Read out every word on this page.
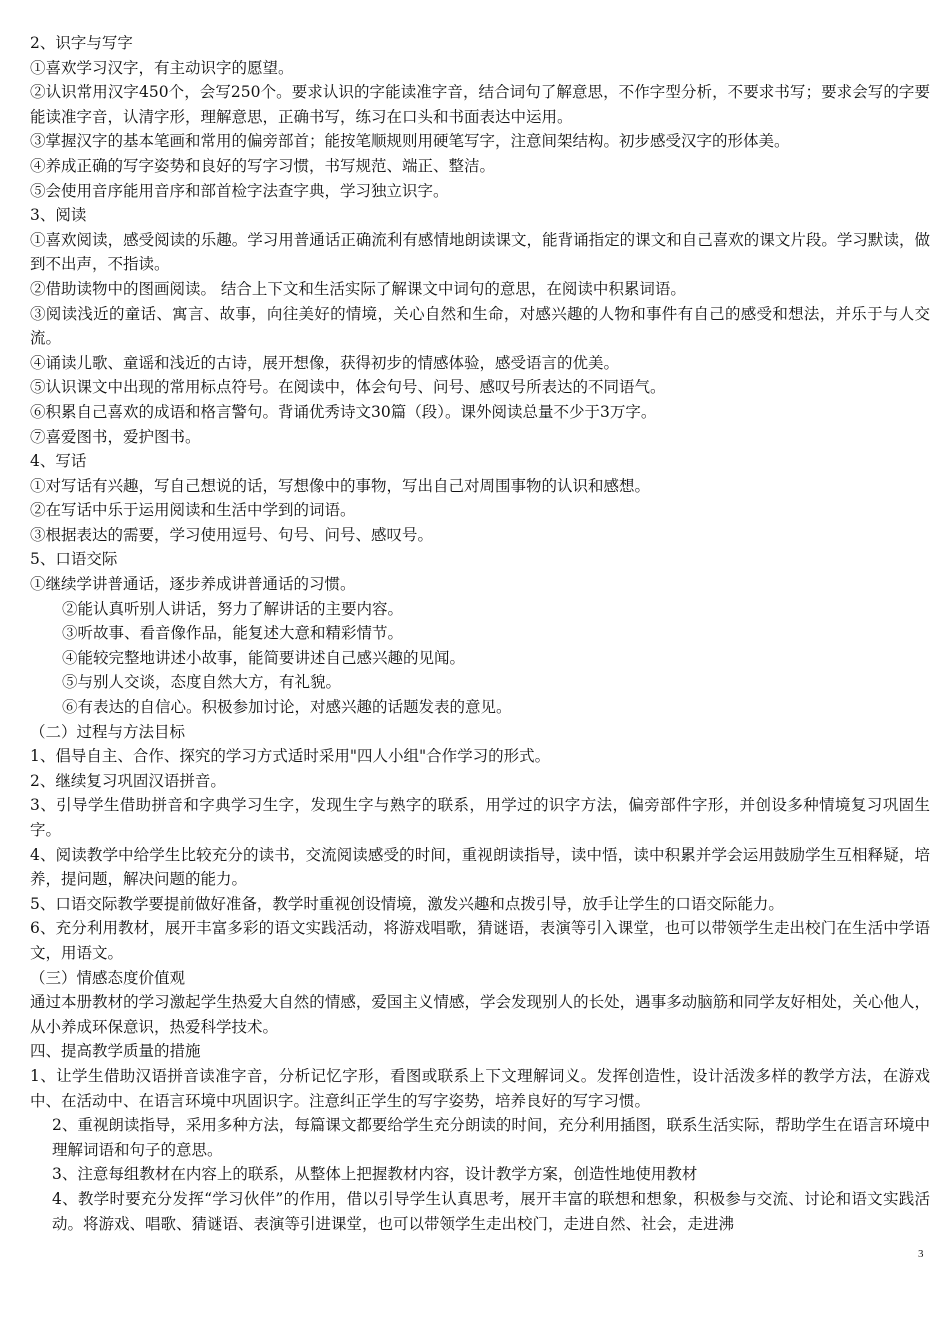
2、识字与写字

①喜欢学习汉字，有主动识字的愿望。

②认识常用汉字450个，会写250个。要求认识的字能读准字音，结合词句了解意思，不作字型分析，不要求书写；要求会写的字要能读准字音，认清字形，理解意思，正确书写，练习在口头和书面表达中运用。

③掌握汉字的基本笔画和常用的偏旁部首；能按笔顺规则用硬笔写字，注意间架结构。初步感受汉字的形体美。

④养成正确的写字姿势和良好的写字习惯，书写规范、端正、整洁。

⑤会使用音序能用音序和部首检字法查字典，学习独立识字。

3、阅读

①喜欢阅读，感受阅读的乐趣。学习用普通话正确流利有感情地朗读课文，能背诵指定的课文和自己喜欢的课文片段。学习默读，做到不出声，不指读。

②借助读物中的图画阅读。 结合上下文和生活实际了解课文中词句的意思，在阅读中积累词语。

③阅读浅近的童话、寓言、故事，向往美好的情境，关心自然和生命，对感兴趣的人物和事件有自己的感受和想法，并乐于与人交流。

④诵读儿歌、童谣和浅近的古诗，展开想像，获得初步的情感体验，感受语言的优美。

⑤认识课文中出现的常用标点符号。在阅读中，体会句号、问号、感叹号所表达的不同语气。

⑥积累自己喜欢的成语和格言警句。背诵优秀诗文30篇（段）。课外阅读总量不少于3万字。

⑦喜爱图书，爱护图书。

4、写话

①对写话有兴趣，写自己想说的话，写想像中的事物，写出自己对周围事物的认识和感想。

②在写话中乐于运用阅读和生活中学到的词语。

③根据表达的需要，学习使用逗号、句号、问号、感叹号。

5、口语交际

①继续学讲普通话，逐步养成讲普通话的习惯。

②能认真听别人讲话，努力了解讲话的主要内容。

③听故事、看音像作品，能复述大意和精彩情节。

④能较完整地讲述小故事，能简要讲述自己感兴趣的见闻。

⑤与别人交谈，态度自然大方，有礼貌。

⑥有表达的自信心。积极参加讨论，对感兴趣的话题发表的意见。

（二）过程与方法目标

1、倡导自主、合作、探究的学习方式适时采用"四人小组"合作学习的形式。

2、继续复习巩固汉语拼音。

3、引导学生借助拼音和字典学习生字，发现生字与熟字的联系，用学过的识字方法，偏旁部件字形，并创设多种情境复习巩固生字。

4、阅读教学中给学生比较充分的读书，交流阅读感受的时间，重视朗读指导，读中悟，读中积累并学会运用鼓励学生互相释疑，培养，提问题，解决问题的能力。

5、口语交际教学要提前做好准备，教学时重视创设情境，激发兴趣和点拨引导，放手让学生的口语交际能力。

6、充分利用教材，展开丰富多彩的语文实践活动，将游戏唱歌，猜谜语，表演等引入课堂，也可以带领学生走出校门在生活中学语文，用语文。

（三）情感态度价值观

通过本册教材的学习激起学生热爱大自然的情感，爱国主义情感，学会发现别人的长处，遇事多动脑筋和同学友好相处，关心他人，从小养成环保意识，热爱科学技术。

四、提高教学质量的措施

1、让学生借助汉语拼音读准字音，分析记忆字形，看图或联系上下文理解词义。发挥创造性，设计活泼多样的教学方法，在游戏中、在活动中、在语言环境中巩固识字。注意纠正学生的写字姿势，培养良好的写字习惯。

2、重视朗读指导，采用多种方法，每篇课文都要给学生充分朗读的时间，充分利用插图，联系生活实际，帮助学生在语言环境中理解词语和句子的意思。

3、注意每组教材在内容上的联系，从整体上把握教材内容，设计教学方案，创造性地使用教材

4、教学时要充分发挥“学习伙伴”的作用，借以引导学生认真思考，展开丰富的联想和想象，积极参与交流、讨论和语文实践活动。将游戏、唱歌、猜谜语、表演等引进课堂，也可以带领学生走出校门，走进自然、社会，走进沸

3
